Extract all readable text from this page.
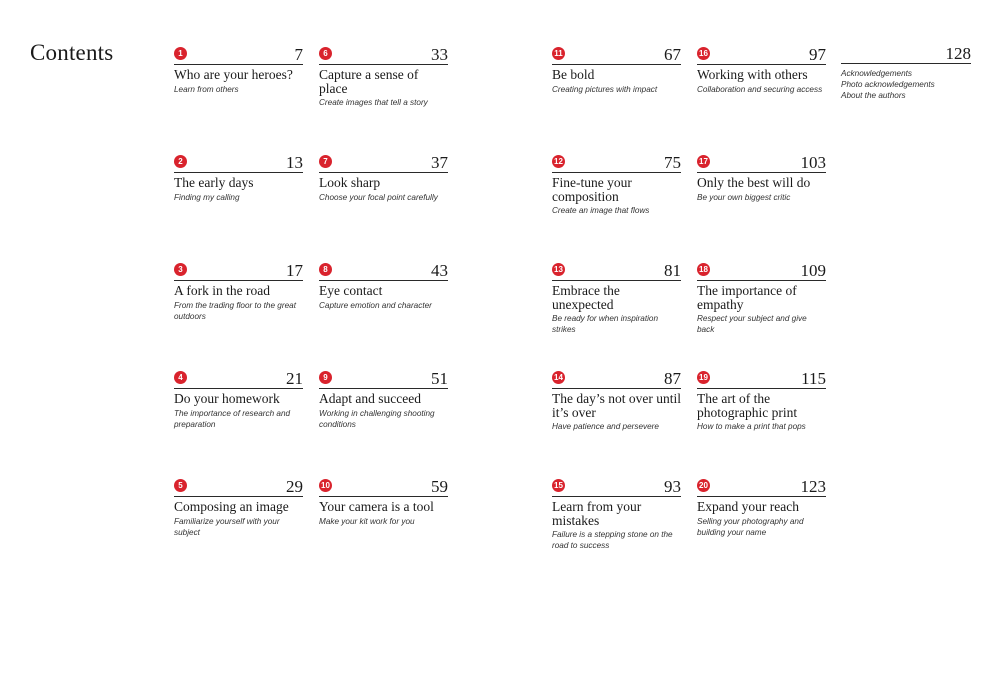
Contents	1	7
Who are your heroes?
Learn from others
2	13
The early days
Finding my calling
3	17
A fork in the road
From the trading floor to the great outdoors
4	21
Do your homework
The importance of research and preparation
5	29
Composing an image
Familiarize yourself with your subject
6	33
Capture a sense of place
Create images that tell a story
7	37
Look sharp
Choose your focal point carefully
8	43
Eye contact
Capture emotion and character
9	51
Adapt and succeed
Working in challenging shooting conditions
10	59
Your camera is a tool
Make your kit work for you
11	67
Be bold
Creating pictures with impact
12	75
Fine-tune your composition
Create an image that flows
13	81
Embrace the unexpected
Be ready for when inspiration strikes
14	87
The day’s not over until it’s over
Have patience and persevere
15	93
Learn from your mistakes
Failure is a stepping stone on the road to success
16	97
Working with others
Collaboration and securing access
17	103
Only the best will do
Be your own biggest critic
18	109
The importance of empathy
Respect your subject and give back
19	115
The art of the photographic print
How to make a print that pops
20	123
Expand your reach
Selling your photography and building your name
128
Acknowledgements
Photo acknowledgements
About the authors
